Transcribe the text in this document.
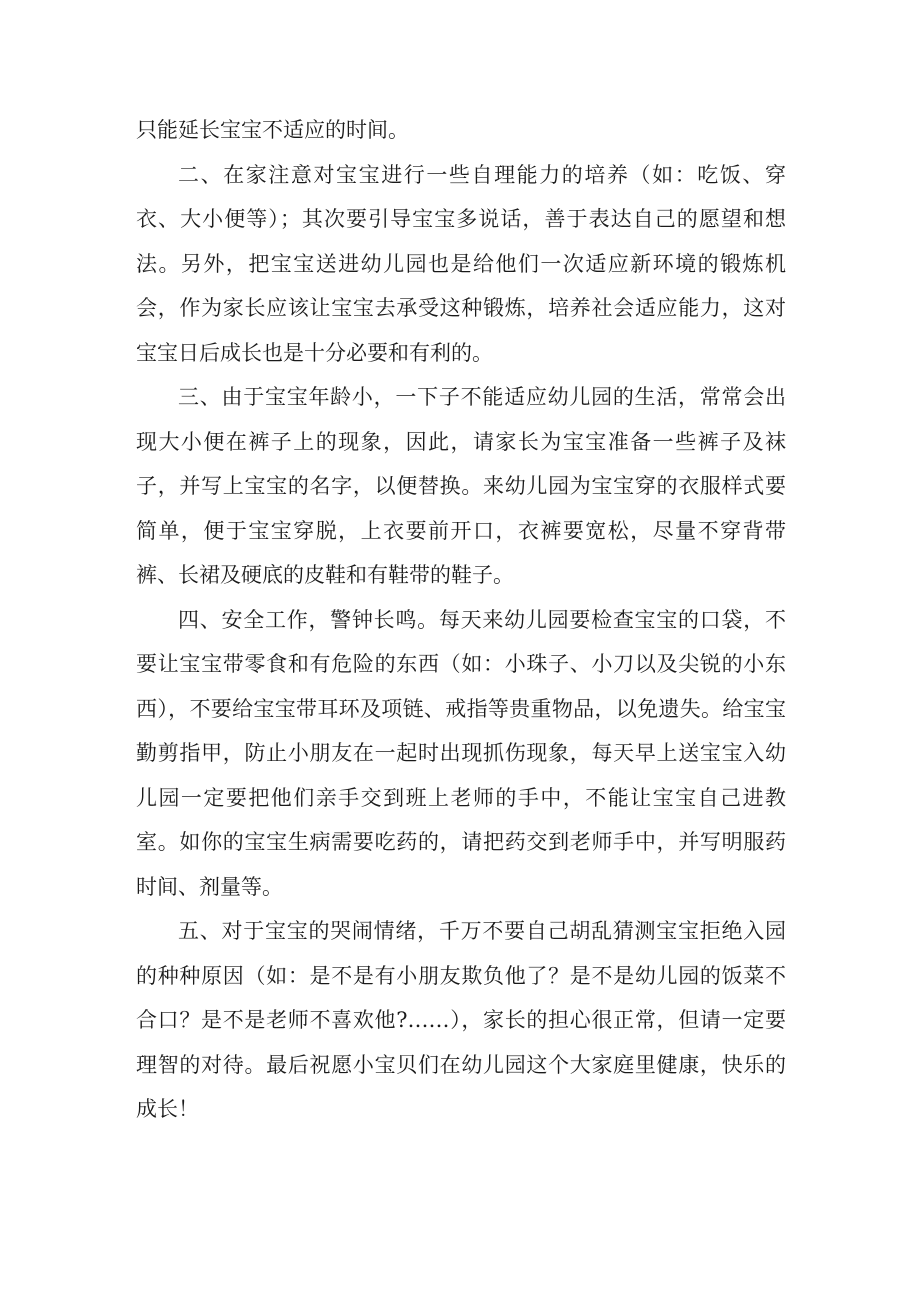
只能延长宝宝不适应的时间。

二、在家注意对宝宝进行一些自理能力的培养（如：吃饭、穿衣、大小便等）；其次要引导宝宝多说话，善于表达自己的愿望和想法。另外，把宝宝送进幼儿园也是给他们一次适应新环境的锻炼机会，作为家长应该让宝宝去承受这种锻炼，培养社会适应能力，这对宝宝日后成长也是十分必要和有利的。

三、由于宝宝年龄小，一下子不能适应幼儿园的生活，常常会出现大小便在裤子上的现象，因此，请家长为宝宝准备一些裤子及袜子，并写上宝宝的名字，以便替换。来幼儿园为宝宝穿的衣服样式要简单，便于宝宝穿脱，上衣要前开口，衣裤要宽松，尽量不穿背带裤、长裙及硬底的皮鞋和有鞋带的鞋子。

四、安全工作，警钟长鸣。每天来幼儿园要检查宝宝的口袋，不要让宝宝带零食和有危险的东西（如：小珠子、小刀以及尖锐的小东西），不要给宝宝带耳环及项链、戒指等贵重物品，以免遗失。给宝宝勤剪指甲，防止小朋友在一起时出现抓伤现象，每天早上送宝宝入幼儿园一定要把他们亲手交到班上老师的手中，不能让宝宝自己进教室。如你的宝宝生病需要吃药的，请把药交到老师手中，并写明服药时间、剂量等。

五、对于宝宝的哭闹情绪，千万不要自己胡乱猜测宝宝拒绝入园的种种原因（如：是不是有小朋友欺负他了？是不是幼儿园的饭菜不合口？是不是老师不喜欢他?……），家长的担心很正常，但请一定要理智的对待。最后祝愿小宝贝们在幼儿园这个大家庭里健康，快乐的成长！
